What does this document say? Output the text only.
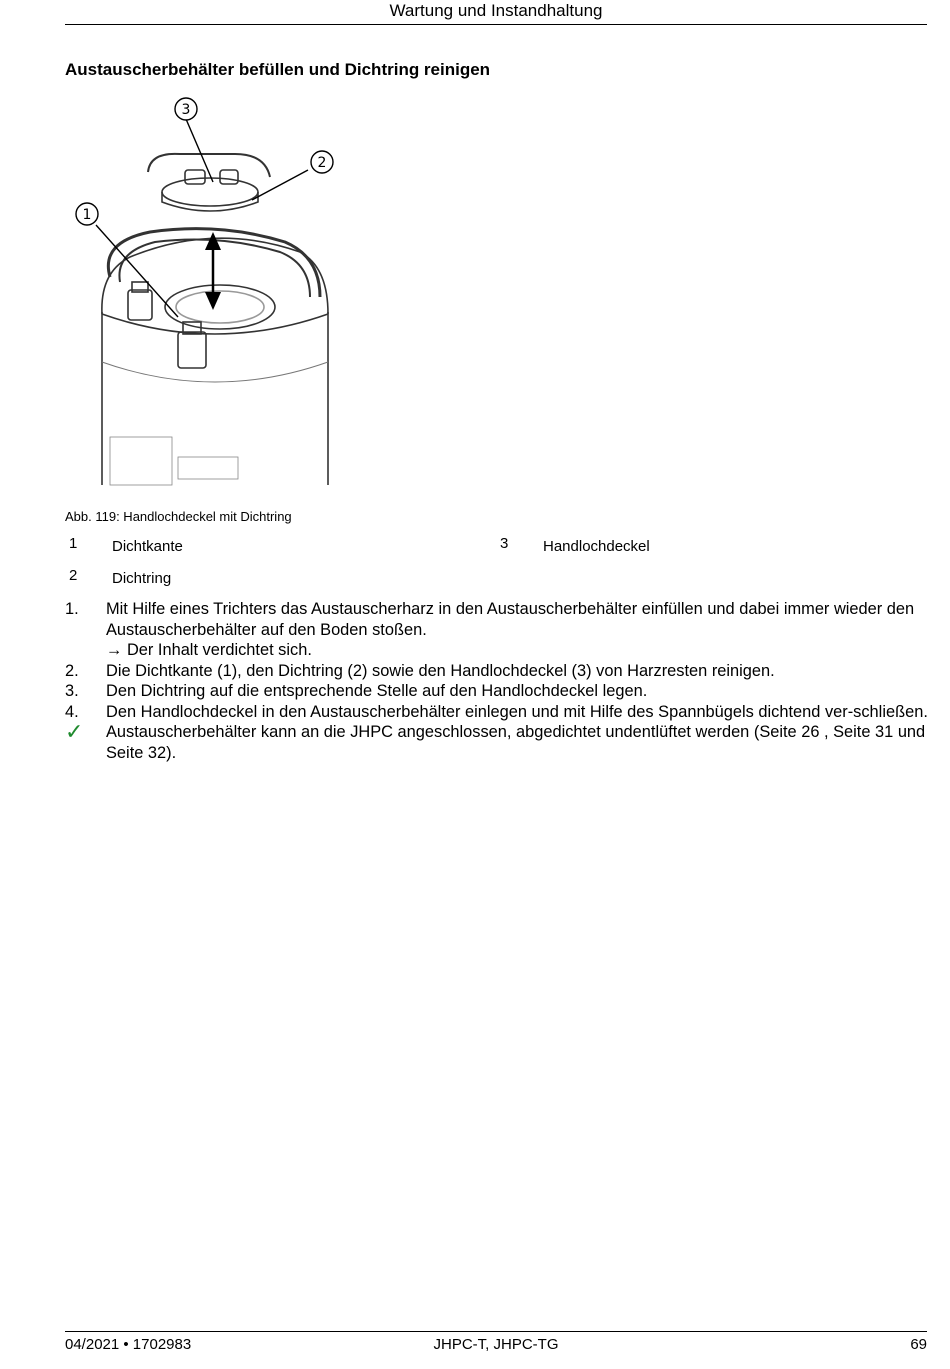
Wartung und Instandhaltung
Austauscherbehälter befüllen und Dichtring reinigen
3
2
1
Abb. 119: Handlochdeckel mit Dichtring
1 Dichtkante	3 Handlochdeckel
2 Dichtring
1. Mit Hilfe eines Trichters das Austauscherharz in den Austauscherbehälter einfüllen und dabei immer wieder den Austauscherbehälter auf den Boden stoßen.
→ Der Inhalt verdichtet sich.
2. Die Dichtkante (1), den Dichtring (2) sowie den Handlochdeckel (3) von Harzresten reinigen.
3. Den Dichtring auf die entsprechende Stelle auf den Handlochdeckel legen.
4. Den Handlochdeckel in den Austauscherbehälter einlegen und mit Hilfe des Spannbügels dichtend ver-schließen.
✓ Austauscherbehälter kann an die JHPC angeschlossen, abgedichtet undentlüftet werden (Seite 26 , Seite 31 und Seite 32).
04/2021 • 1702983	JHPC-T, JHPC-TG	69
